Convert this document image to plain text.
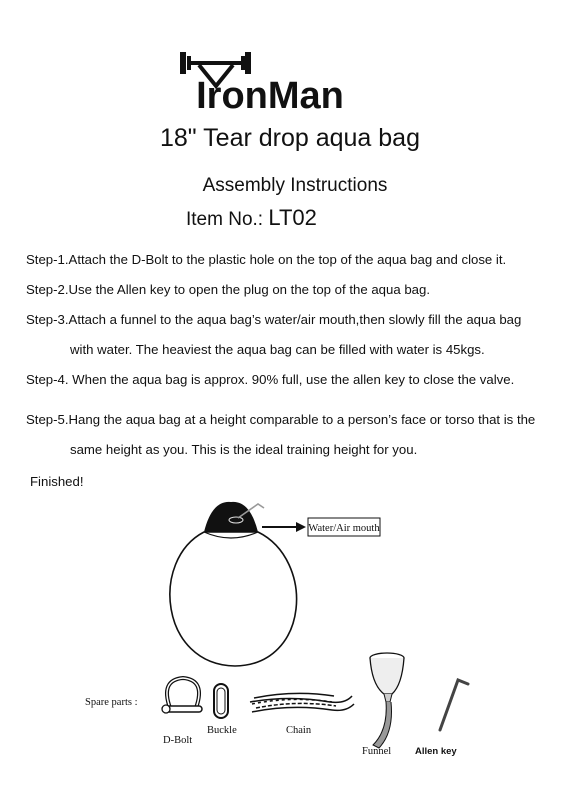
IronMan
18" Tear drop aqua bag
Assembly Instructions
Item No.: LT02
Step-1.Attach the D-Bolt to the plastic hole on the top of the aqua bag and close it.
Step-2.Use the Allen key to open the plug on the top of the aqua bag.
Step-3.Attach a funnel to the aqua bag’s water/air mouth,then slowly fill the aqua bag
with water. The heaviest the aqua bag can be filled with water is 45kgs.
Step-4. When the aqua bag is approx. 90% full, use the allen key to close the valve.
Step-5.Hang the aqua bag at a height comparable to a person’s face or torso that is the
same height as you. This is the ideal training height for you.
Finished!
Water/Air mouth
Spare parts :
D-Bolt
Buckle	Chain
Funnel	Allen key
